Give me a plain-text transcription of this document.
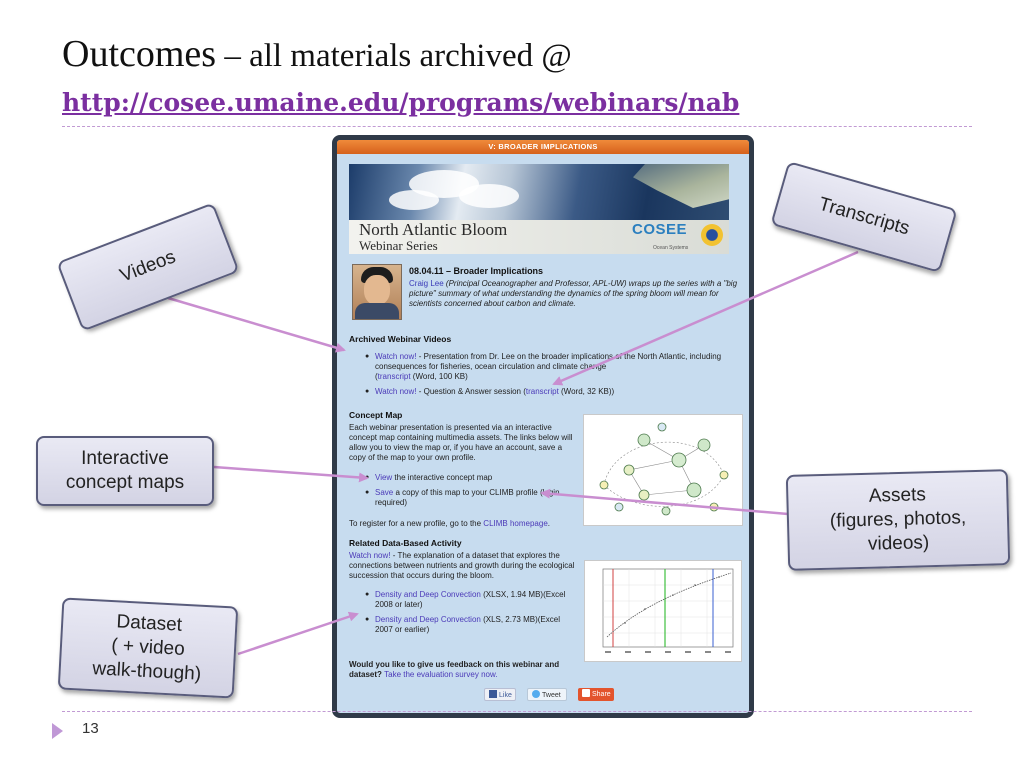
Outcomes – all materials archived @
http://cosee.umaine.edu/programs/webinars/nab
V: BROADER IMPLICATIONS
North Atlantic Bloom
Webinar Series
COSEE
Ocean Systems
08.04.11 – Broader Implications
Craig Lee (Principal Oceanographer and Professor, APL-UW) wraps up the series with a "big picture" summary of what understanding the dynamics of the spring bloom will mean for scientists concerned about carbon and climate.
Archived Webinar Videos
● Watch now! - Presentation from Dr. Lee on the broader implications of the North Atlantic, including consequences for fisheries, ocean circulation and climate change
(transcript (Word, 100 KB)
● Watch now! - Question & Answer session (transcript (Word, 32 KB))
Concept Map
Each webinar presentation is presented via an interactive concept map containing multimedia assets. The links below will allow you to view the map or, if you have an account, save a copy of the map to your own profile.
● View the interactive concept map
● Save a copy of this map to your CLIMB profile (login required)
To register for a new profile, go to the CLIMB homepage.
Related Data-Based Activity
Watch now! - The explanation of a dataset that explores the connections between nutrients and growth during the ecological succession that occurs during the bloom.
● Density and Deep Convection (XLSX, 1.94 MB)(Excel 2008 or later)
● Density and Deep Convection (XLS, 2.73 MB)(Excel 2007 or earlier)
Would you like to give us feedback on this webinar and dataset? Take the evaluation survey now.
Like	Tweet	Share
Videos
Transcripts
Interactive
concept maps
Assets
(figures, photos,
videos)
Dataset
( + video
walk-though)
13
